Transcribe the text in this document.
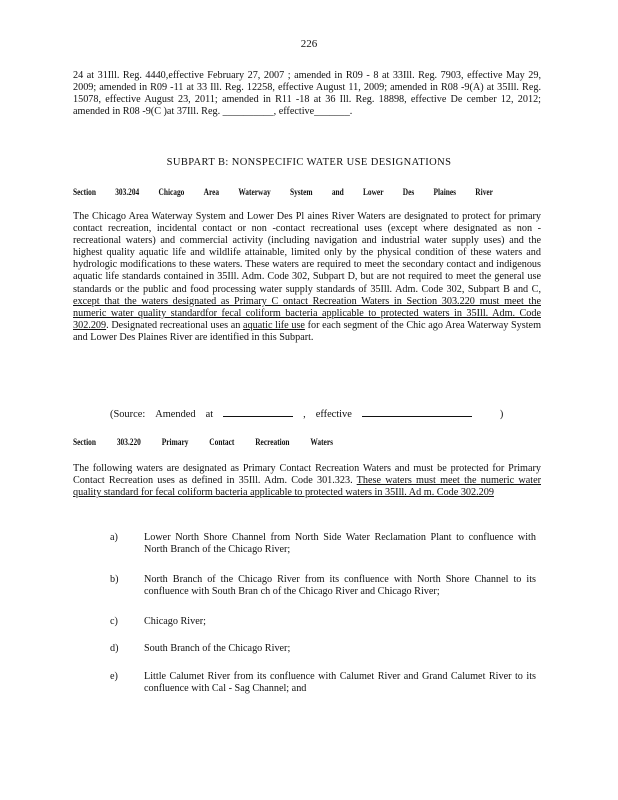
226

24 at 31Ill. Reg. 4440,effective February 27, 2007 ; amended in R09 - 8 at 33Ill. Reg. 7903, effective May 29, 2009; amended in R09 -11 at 33 Ill. Reg. 12258, effective August 11, 2009; amended in R08 -9(A) at 35Ill. Reg. 15078, effective August 23, 2011; amended in R11 -18 at 36 Ill. Reg. 18898, effective De cember 12, 2012; amended in R08 -9(C )at 37Ill. Reg. __________, effective_______.

SUBPART B: NONSPECIFIC WATER USE DESIGNATIONS
Section	303.204	Chicago	Area	Waterway	System	and	Lower	Des	Plaines	River

The Chicago Area Waterway System and Lower Des Pl aines River Waters are designated to protect for primary contact recreation, incidental contact or non -contact recreational uses (except where designated as non -recreational waters) and commercial activity (including navigation and industrial water supply uses) and the highest quality aquatic life and wildlife attainable, limited only by the physical condition of these waters and hydrologic modifications to these waters. These waters are required to meet the secondary contact and indigenous aquatic life standards contained in 35Ill. Adm. Code 302, Subpart D, but are not required to meet the general use standards or the public and food processing water supply standards of 35Ill. Adm. Code 302, Subpart B and C, except that the waters designated as Primary C ontact Recreation Waters in Section 303.220 must meet the numeric water quality standardfor fecal coliform bacteria applicable to protected waters in 35Ill. Adm. Code 302.209. Designated recreational uses an aquatic life use for each segment of the Chic ago Area Waterway System and Lower Des Plaines River are identified in this Subpart.

(Source: Amended at	, effective	)
Section	303.220	Primary	Contact	Recreation	Waters

The following waters are designated as Primary Contact Recreation Waters and must be protected for Primary Contact Recreation uses as defined in 35Ill. Adm. Code 301.323. These waters must meet the numeric water quality standard for fecal coliform bacteria applicable to protected waters in 35Ill. Ad m. Code 302.209

a)	Lower North Shore Channel from North Side Water Reclamation Plant to confluence with North Branch of the Chicago River;
b)	North Branch of the Chicago River from its confluence with North Shore Channel to its confluence with South Bran ch of the Chicago River and Chicago River;
c)	Chicago River;
d)	South Branch of the Chicago River;
e)	Little Calumet River from its confluence with Calumet River and Grand Calumet River to its confluence with Cal - Sag Channel; and
